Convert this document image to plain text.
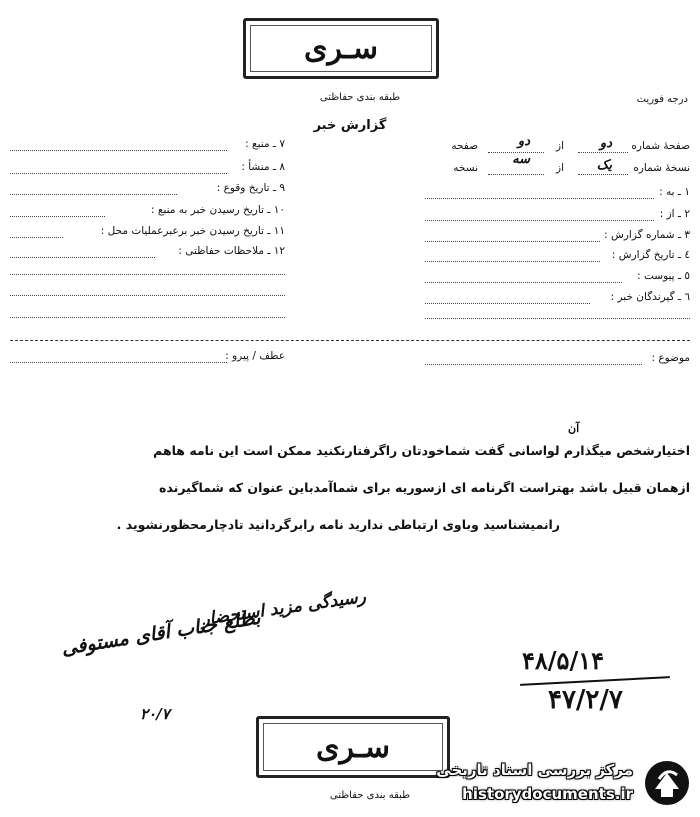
سـرى
طبقه بندی حفاظتی	درجه فوریت
گزارش خبر
صفحهٔ شماره
دو
از
دو
صفحه
نسخهٔ شماره
یک
از
سه
نسخه
۱ ـ به :
۲ ـ از :
۳ ـ شماره گزارش :
٤ ـ تاریخ گزارش :
٥ ـ پیوست :
٦ ـ گیرندگان خبر :
۷ ـ منبع :
۸ ـ منشأ :
۹ ـ تاریخ وقوع :
۱۰ ـ تاریخ رسیدن خبر به منبع :
۱۱ ـ تاریخ رسیدن خبر برعبرعملیات محل :
۱۲ ـ ملاحظات حفاظتی :
عطف / پیرو :	موضوع :
آن
اختیارشخص میگذارم لواسانی گفت شماخودتان راگرفتارنکنید ممکن است این نامه هاهم
ازهمان قبیل باشد بهتراست اگرنامه ای ازسوریه برای شماآمدباین عنوان که شماگیرنده
رانمیشناسید وباوی ارتباطی ندارید نامه رابرگردانید تادچارمحظورنشوید .
بطلع جناب آقای مستوفی
رسیدگی مزید استحضار
۲۰/۷
۴۸/۵/۱۴
۴۷/۲/۷
سـرى
طبقه بندی حفاظتی
مرکز بررسی اسناد تاریخی
historydocuments.ir
